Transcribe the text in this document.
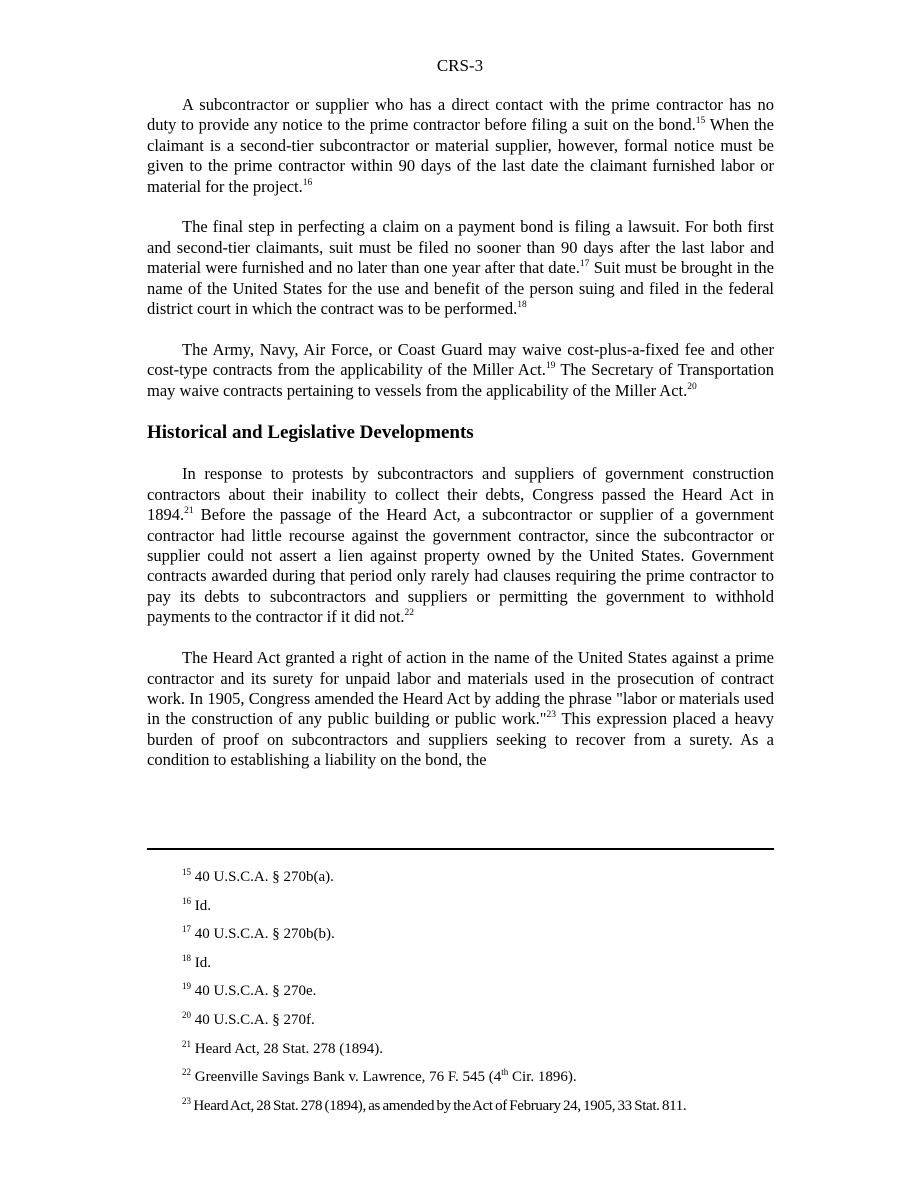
CRS-3

A subcontractor or supplier who has a direct contact with the prime contractor has no duty to provide any notice to the prime contractor before filing a suit on the bond.$^{15}$ When the claimant is a second-tier subcontractor or material supplier, however, formal notice must be given to the prime contractor within 90 days of the last date the claimant furnished labor or material for the project.$^{16}$

The final step in perfecting a claim on a payment bond is filing a lawsuit. For both first and second-tier claimants, suit must be filed no sooner than 90 days after the last labor and material were furnished and no later than one year after that date.$^{17}$ Suit must be brought in the name of the United States for the use and benefit of the person suing and filed in the federal district court in which the contract was to be performed.$^{18}$

The Army, Navy, Air Force, or Coast Guard may waive cost-plus-a-fixed fee and other cost-type contracts from the applicability of the Miller Act.$^{19}$ The Secretary of Transportation may waive contracts pertaining to vessels from the applicability of the Miller Act.$^{20}$

Historical and Legislative Developments

In response to protests by subcontractors and suppliers of government construction contractors about their inability to collect their debts, Congress passed the Heard Act in 1894.21 Before the passage of the Heard Act, a subcontractor or supplier of a government contractor had little recourse against the government contractor, since the subcontractor or supplier could not assert a lien against property owned by the United States. Government contracts awarded during that period only rarely had clauses requiring the prime contractor to pay its debts to subcontractors and suppliers or permitting the government to withhold payments to the contractor if it did not.$^{22}$

The Heard Act granted a right of action in the name of the United States against a prime contractor and its surety for unpaid labor and materials used in the prosecution of contract work. In 1905, Congress amended the Heard Act by adding the phrase "labor or materials used in the construction of any public building or public work."$^{23}$ This expression placed a heavy burden of proof on subcontractors and suppliers seeking to recover from a surety. As a condition to establishing a liability on the bond, the

$^{15}$ 40 U.S.C.A. § 270b(a).
$^{16}$ Id.
$^{17}$ 40 U.S.C.A. § 270b(b).
$^{18}$ Id.
$^{19}$ 40 U.S.C.A. § 270e.
$^{20}$ 40 U.S.C.A. § 270f.
$^{21}$ Heard Act, 28 Stat. 278 (1894).
$^{22}$ Greenville Savings Bank v. Lawrence, 76 F. 545 (4th Cir. 1896).
$^{23}$ Heard Act, 28 Stat. 278 (1894), as amended by the Act of February 24, 1905, 33 Stat. 811.
